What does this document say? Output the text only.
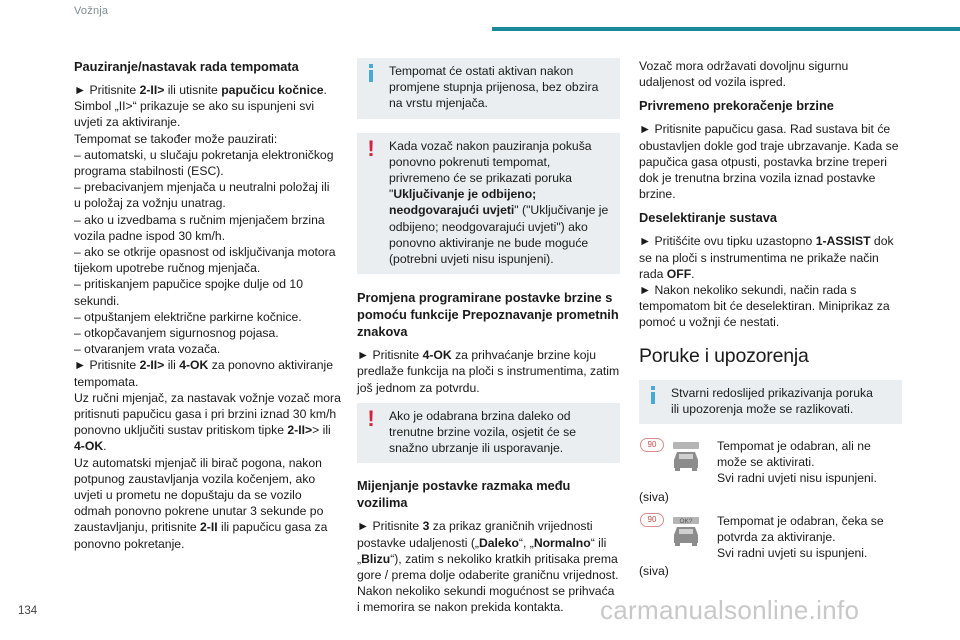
Vožnja
Pauziranje/nastavak rada tempomata

► Pritisnite 2-II> ili utisnite papučicu kočnice.

Simbol „II>“ prikazuje se ako su ispunjeni svi
uvjeti za aktiviranje.
Tempomat se također može pauzirati:
– automatski, u slučaju pokretanja elektroničkog
programa stabilnosti (ESC).
– prebacivanjem mjenjača u neutralni položaj ili
u položaj za vožnju unatrag.
– ako u izvedbama s ručnim mjenjačem brzina
vozila padne ispod 30 km/h.
– ako se otkrije opasnost od isključivanja motora
tijekom upotrebe ručnog mjenjača.
– pritiskanjem papučice spojke dulje od 10
sekundi.
– otpuštanjem električne parkirne kočnice.
– otkopčavanjem sigurnosnog pojasa.
– otvaranjem vrata vozača.

► Pritisnite 2-II> ili 4-OK za ponovno aktiviranje tempomata.

Uz ručni mjenjač, za nastavak vožnje vozač mora pritisnuti papučicu gasa i pri brzini iznad 30 km/h ponovno uključiti sustav pritiskom tipke 2-II>> ili 4-OK.

Uz automatski mjenjač ili birač pogona, nakon potpunog zaustavljanja vozila kočenjem, ako uvjeti u prometu ne dopuštaju da se vozilo odmah ponovno pokrene unutar 3 sekunde po zaustavljanju, pritisnite 2-II ili papučicu gasa za ponovno pokretanje.

Tempomat će ostati aktivan nakon promjene stupnja prijenosa, bez obzira na vrstu mjenjača.
!	Kada vozač nakon pauziranja pokuša ponovno pokrenuti tempomat, privremeno će se prikazati poruka "Uključivanje je odbijeno; neodgovarajući uvjeti" ("Uključivanje je odbijeno; neodgovarajući uvjeti") ako ponovno aktiviranje ne bude moguće (potrebni uvjeti nisu ispunjeni).
Promjena programirane postavke brzine s pomoću funkcije Prepoznavanje prometnih znakova

► Pritisnite 4-OK za prihvaćanje brzine koju predlaže funkcija na ploči s instrumentima, zatim još jednom za potvrdu.

!	Ako je odabrana brzina daleko od trenutne brzine vozila, osjetit će se snažno ubrzanje ili usporavanje.
Mijenjanje postavke razmaka među vozilima

► Pritisnite 3 za prikaz graničnih vrijednosti postavke udaljenosti („Daleko“, „Normalno“ ili „Blizu“), zatim s nekoliko kratkih pritisaka prema gore / prema dolje odaberite graničnu vrijednost. Nakon nekoliko sekundi mogućnost se prihvaća i memorira se nakon prekida kontakta.

Vozač mora održavati dovoljnu sigurnu udaljenost od vozila ispred.

Privremeno prekoračenje brzine

► Pritisnite papučicu gasa. Rad sustava bit će obustavljen dokle god traje ubrzavanje. Kada se papučica gasa otpusti, postavka brzine treperi dok je trenutna brzina vozila iznad postavke brzine.

Deselektiranje sustava

► Pritišćite ovu tipku uzastopno 1-ASSIST dok se na ploči s instrumentima ne prikaže način rada OFF.

► Nakon nekoliko sekundi, način rada s tempomatom bit će deselektiran. Miniprikaz za pomoć u vožnji će nestati.

Poruke i upozorenja
Stvarni redoslijed prikazivanja poruka ili upozorenja može se razlikovati.
90	Tempomat je odabran, ali ne može se aktivirati.
Svi radni uvjeti nisu ispunjeni.
(siva)
90	OK? Tempomat je odabran, čeka se potvrda za aktiviranje.
Svi radni uvjeti su ispunjeni.
(siva)
134	carmanualsonline.info
